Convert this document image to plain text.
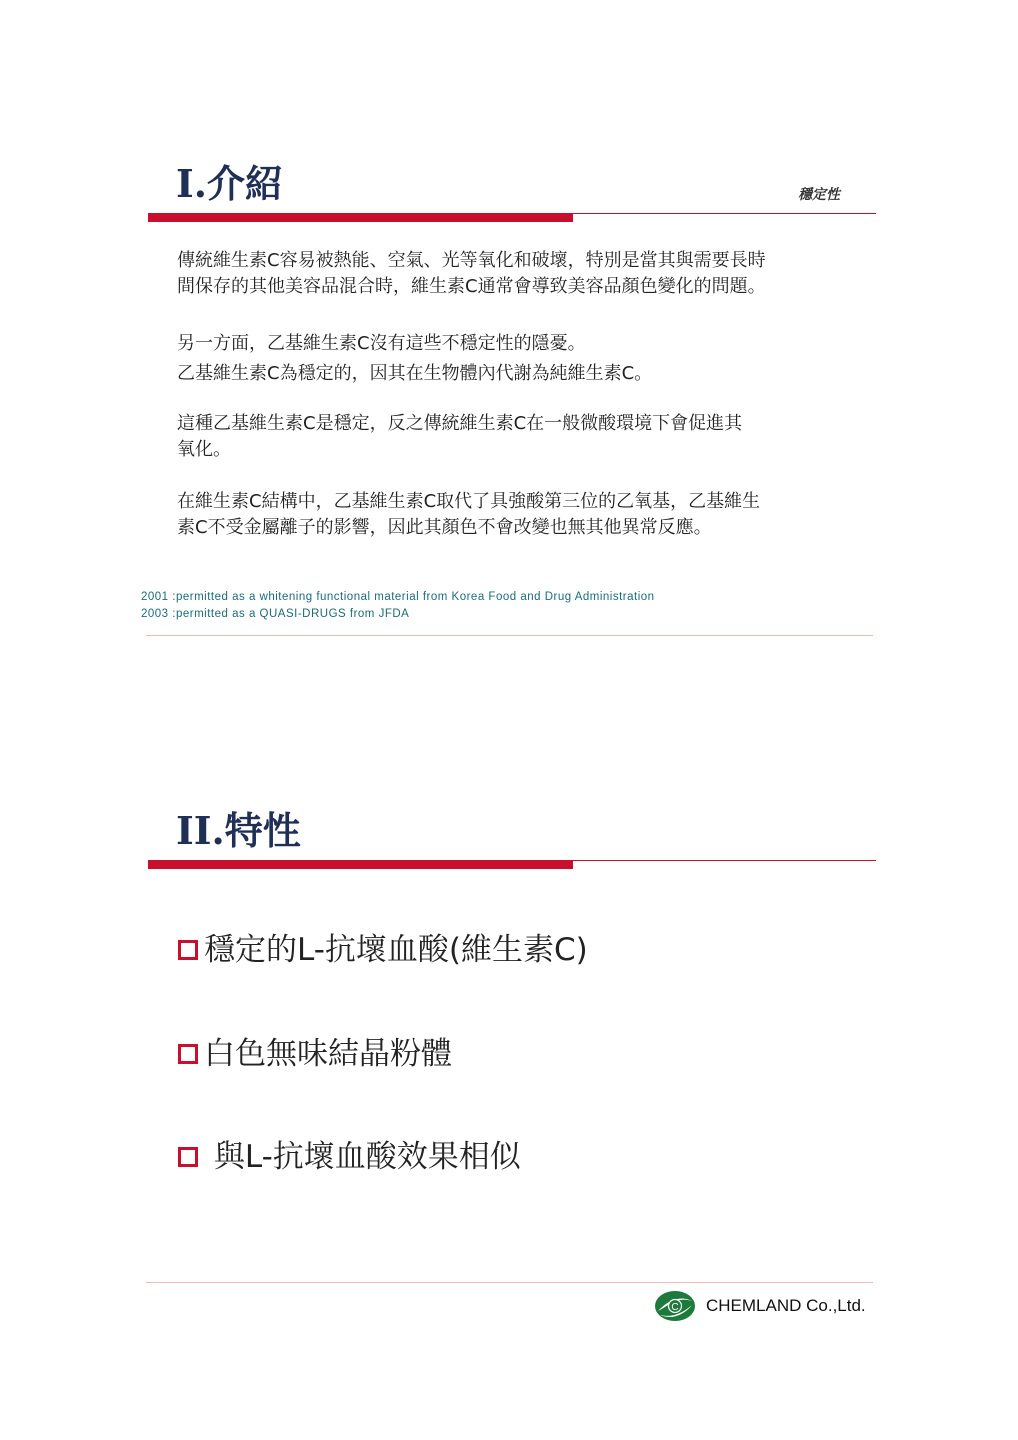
I.介紹	穩定性

傳統維生素C容易被熱能、空氣、光等氧化和破壞，特別是當其與需要長時

間保存的其他美容品混合時，維生素C通常會導致美容品顏色變化的問題。

另一方面，乙基維生素C沒有這些不穩定性的隱憂。

乙基維生素C為穩定的，因其在生物體內代謝為純維生素C。

這種乙基維生素C是穩定，反之傳統維生素C在一般微酸環境下會促進其

氧化。

在維生素C結構中，乙基維生素C取代了具強酸第三位的乙氧基，乙基維生

素C不受金屬離子的影響，因此其顏色不會改變也無其他異常反應。

2001 :permitted as a whitening functional material from Korea Food and Drug Administration
2003 :permitted as a QUASI-DRUGS from JFDA
II.特性
穩定的L-抗壞血酸(維生素C)
白色無味結晶粉體
與L-抗壞血酸效果相似
C CHEMLAND Co.,Ltd.
